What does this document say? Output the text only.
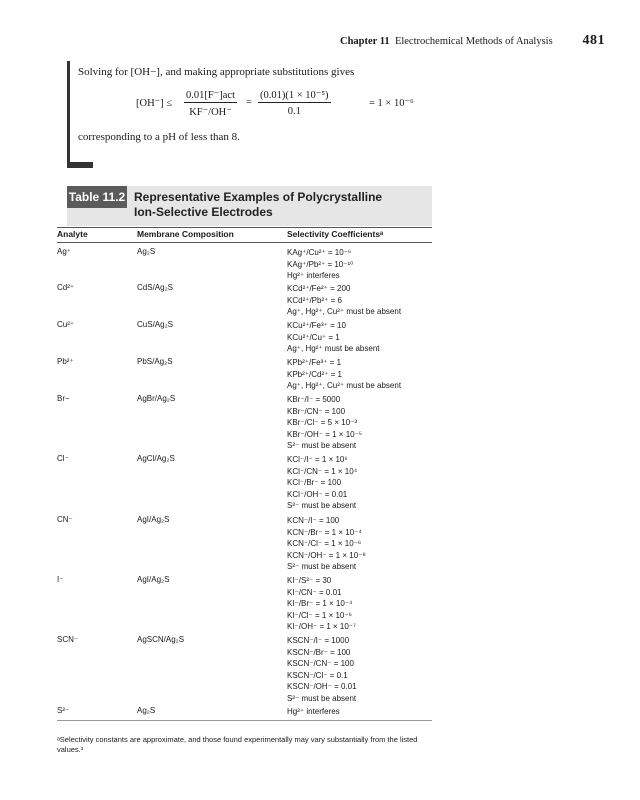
Chapter 11 Electrochemical Methods of Analysis 481
Solving for [OH−], and making appropriate substitutions gives
[OH⁻] ≤
0.01[F⁻]act
KF⁻/OH⁻
= $\frac{\text{(0.01)(1 × 10⁻⁵)}}{0.1}$	= 1 × 10⁻⁶
corresponding to a pH of less than 8.
Table 11.2 Representative Examples of Polycrystalline
Ion-Selective Electrodes
Analyte	Membrane Composition	Selectivity Coefficientsᵃ
Ag⁺	Ag₂S	KAg⁺/Cu²⁺ = 10⁻⁶
KAg⁺/Pb²⁺ = 10⁻¹⁰
Hg²⁺ interferes
Cd²⁺	CdS/Ag₂S	KCd²⁺/Fe²⁺ = 200
KCd²⁺/Pb²⁺ = 6
Ag⁺, Hg²⁺, Cu²⁺ must be absent
Cu²⁺	CuS/Ag₂S	KCu²⁺/Fe³⁺ = 10
KCu²⁺/Cu⁺ = 1
Ag⁺, Hg²⁺ must be absent
Pb²⁺	PbS/Ag₂S	KPb²⁺/Fe³⁺ = 1
KPb²⁺/Cd²⁺ = 1
Ag⁺, Hg²⁺, Cu²⁺ must be absent
Br−	AgBr/Ag₂S	KBr⁻/I⁻ = 5000
KBr⁻/CN⁻ = 100
KBr⁻/Cl⁻ = 5 × 10⁻³
KBr⁻/OH⁻ = 1 × 10⁻⁵
S²⁻ must be absent
Cl⁻	AgCl/Ag₂S	KCl⁻/I⁻ = 1 × 10⁶
KCl⁻/CN⁻ = 1 × 10⁴
KCl⁻/Br⁻ = 100
KCl⁻/OH⁻ = 0.01
S²⁻ must be absent
CN⁻	AgI/Ag₂S	KCN⁻/I⁻ = 100
KCN⁻/Br⁻ = 1 × 10⁻⁴
KCN⁻/Cl⁻ = 1 × 10⁻⁶
KCN⁻/OH⁻ = 1 × 10⁻⁸
S²⁻ must be absent
I⁻	AgI/Ag₂S	KI⁻/S²⁻ = 30
KI⁻/CN⁻ = 0.01
KI⁻/Br⁻ = 1 × 10⁻⁴
KI⁻/Cl⁻ = 1 × 10⁻⁶
KI⁻/OH⁻ = 1 × 10⁻⁷
SCN⁻	AgSCN/Ag₂S	KSCN⁻/I⁻ = 1000
KSCN⁻/Br⁻ = 100
KSCN⁻/CN⁻ = 100
KSCN⁻/Cl⁻ = 0.1
KSCN⁻/OH⁻ = 0.01
S²⁻ must be absent
S²⁻	Ag₂S	Hg²⁺ interferes
ᵃSelectivity constants are approximate, and those found experimentally may vary substantially from the listed values.³
